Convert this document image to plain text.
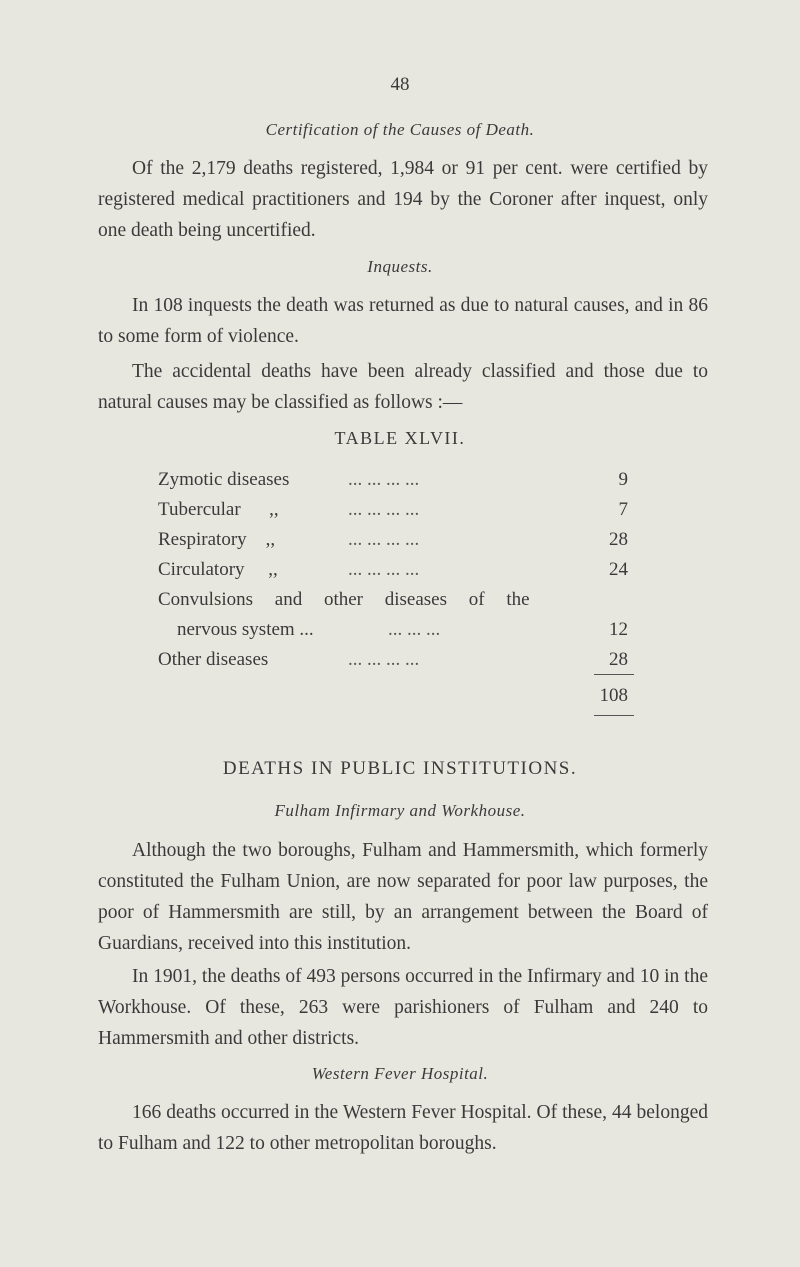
48

Certification of the Causes of Death.

Of the 2,179 deaths registered, 1,984 or 91 per cent. were certified by registered medical practitioners and 194 by the Coroner after inquest, only one death being uncertified.

Inquests.

In 108 inquests the death was returned as due to natural causes, and in 86 to some form of violence.

The accidental deaths have been already classified and those due to natural causes may be classified as follows :—

TABLE XLVII.

Zymotic diseases	... ... ... ...	9
Tubercular      ,,	... ... ... ...	7
Respiratory    ,,	... ... ... ...	28
Circulatory     ,,	... ... ... ...	24
Convulsions and other diseases of the
nervous system ...	... ... ...	12
Other diseases	... ... ... ...	28
108

DEATHS IN PUBLIC INSTITUTIONS.

Fulham Infirmary and Workhouse.

Although the two boroughs, Fulham and Hammersmith, which formerly constituted the Fulham Union, are now separated for poor law purposes, the poor of Hammersmith are still, by an arrangement between the Board of Guardians, received into this institution.

In 1901, the deaths of 493 persons occurred in the Infirmary and 10 in the Workhouse. Of these, 263 were parishioners of Fulham and 240 to Hammersmith and other districts.

Western Fever Hospital.

166 deaths occurred in the Western Fever Hospital. Of these, 44 belonged to Fulham and 122 to other metropolitan boroughs.
